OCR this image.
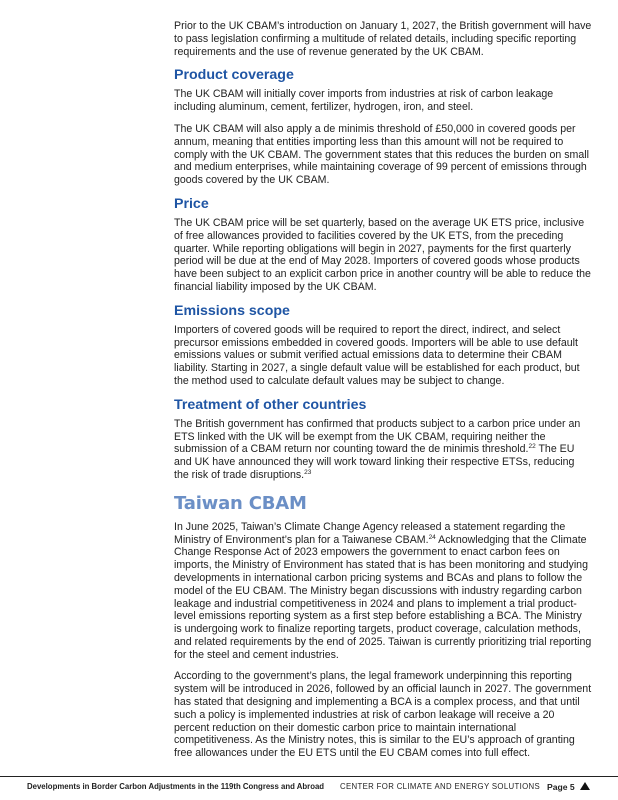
Prior to the UK CBAM’s introduction on January 1, 2027, the British government will have to pass legislation confirming a multitude of related details, including specific reporting requirements and the use of revenue generated by the UK CBAM.

Product coverage

The UK CBAM will initially cover imports from industries at risk of carbon leakage including aluminum, cement, fertilizer, hydrogen, iron, and steel.

The UK CBAM will also apply a de minimis threshold of £50,000 in covered goods per annum, meaning that entities importing less than this amount will not be required to comply with the UK CBAM. The government states that this reduces the burden on small and medium enterprises, while maintaining coverage of 99 percent of emissions through goods covered by the UK CBAM.

Price

The UK CBAM price will be set quarterly, based on the average UK ETS price, inclusive of free allowances provided to facilities covered by the UK ETS, from the preceding quarter. While reporting obligations will begin in 2027, payments for the first quarterly period will be due at the end of May 2028. Importers of covered goods whose products have been subject to an explicit carbon price in another country will be able to reduce the financial liability imposed by the UK CBAM.

Emissions scope

Importers of covered goods will be required to report the direct, indirect, and select precursor emissions embedded in covered goods. Importers will be able to use default emissions values or submit verified actual emissions data to determine their CBAM liability. Starting in 2027, a single default value will be established for each product, but the method used to calculate default values may be subject to change.

Treatment of other countries

The British government has confirmed that products subject to a carbon price under an ETS linked with the UK will be exempt from the UK CBAM, requiring neither the submission of a CBAM return nor counting toward the de minimis threshold.$^{22}$ The EU and UK have announced they will work toward linking their respective ETSs, reducing the risk of trade disruptions.$^{23}$

Taiwan CBAM

In June 2025, Taiwan’s Climate Change Agency released a statement regarding the Ministry of Environment’s plan for a Taiwanese CBAM.$^{24}$ Acknowledging that the Climate Change Response Act of 2023 empowers the government to enact carbon fees on imports, the Ministry of Environment has stated that is has been monitoring and studying developments in international carbon pricing systems and BCAs and plans to follow the model of the EU CBAM. The Ministry began discussions with industry regarding carbon leakage and industrial competitiveness in 2024 and plans to implement a trial product-level emissions reporting system as a first step before establishing a BCA. The Ministry is undergoing work to finalize reporting targets, product coverage, calculation methods, and related requirements by the end of 2025. Taiwan is currently prioritizing trial reporting for the steel and cement industries.

According to the government’s plans, the legal framework underpinning this reporting system will be introduced in 2026, followed by an official launch in 2027. The government has stated that designing and implementing a BCA is a complex process, and that until such a policy is implemented industries at risk of carbon leakage will receive a 20 percent reduction on their domestic carbon price to maintain international competitiveness. As the Ministry notes, this is similar to the EU’s approach of granting free allowances under the EU ETS until the EU CBAM comes into full effect.

Developments in Border Carbon Adjustments in the 119th Congress and Abroad CENTER FOR CLIMATE AND ENERGY SOLUTIONS Page 5
